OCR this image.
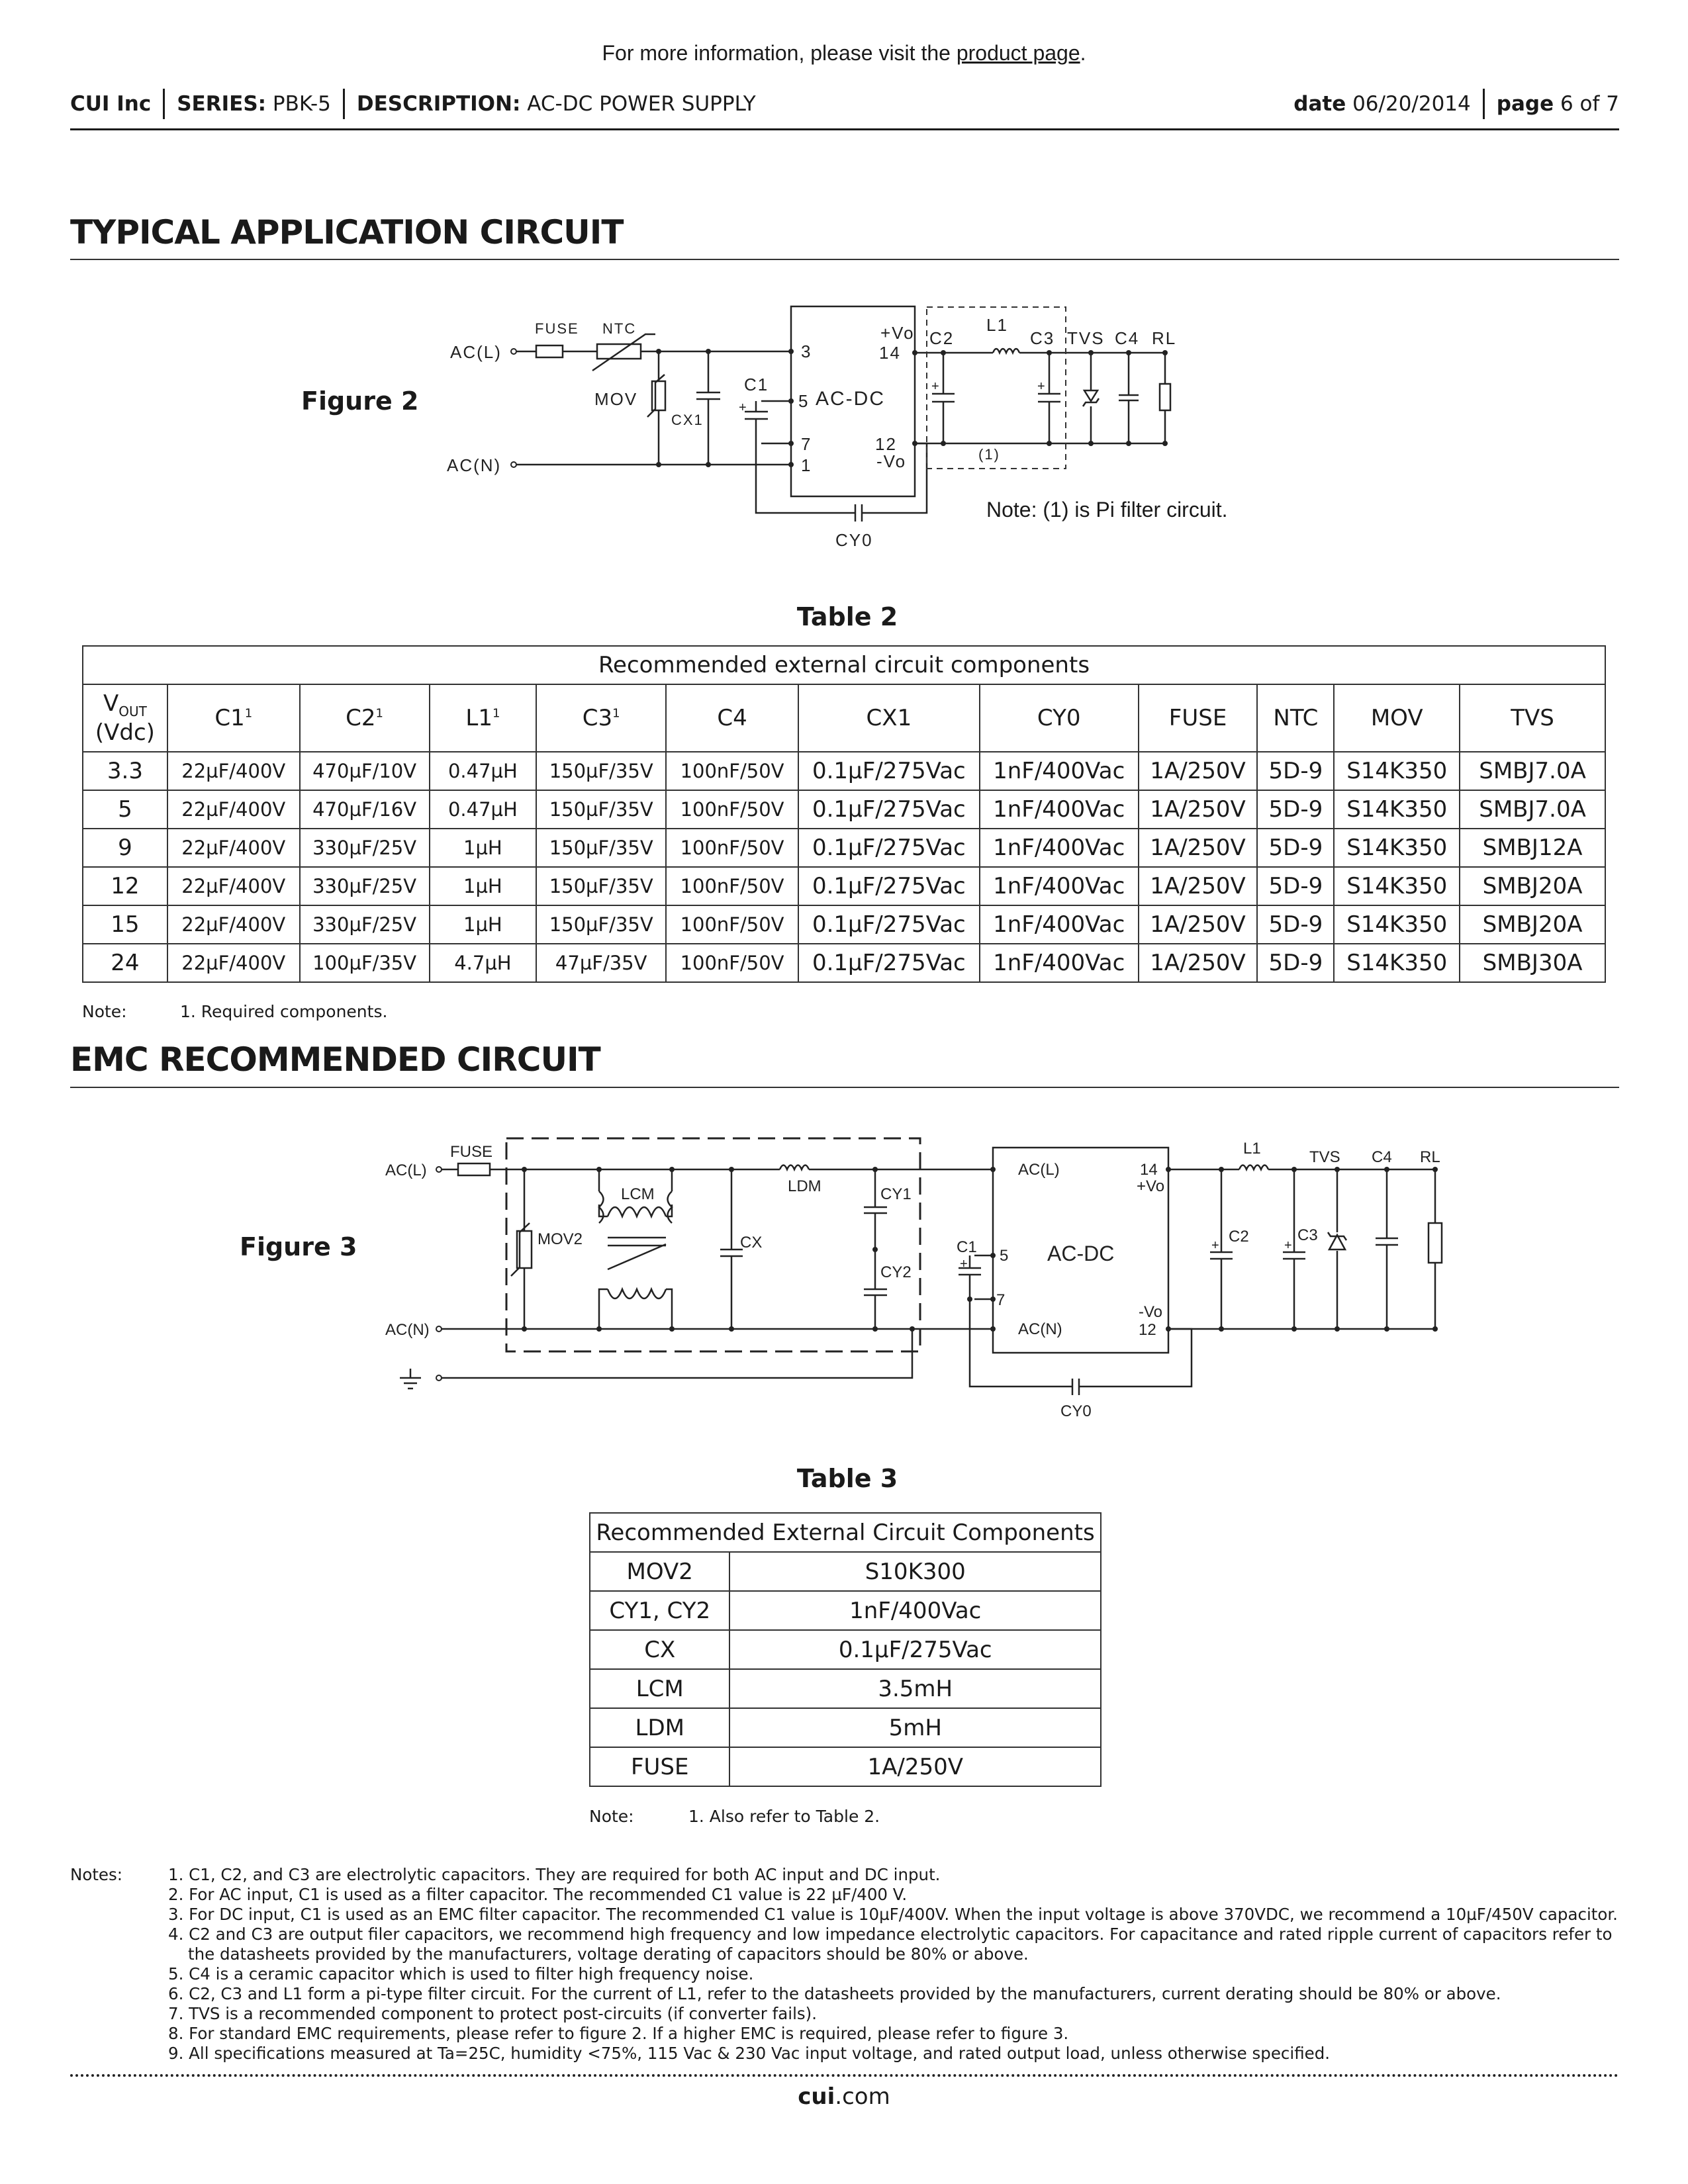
For more information, please visit the product page.
CUI Inc SERIES:
PBK-5 DESCRIPTION:
AC-DC POWER SUPPLY	date
06/20/2014 page
6 of 7
TYPICAL APPLICATION CIRCUIT
Figure 2
AC(L)
AC(N)
FUSE NTC
MOV
CX1
C1
+
3
5 AC-DC
7
1
+Vo
14
12
-Vo
C2
+
L1
C3
+
TVS C4 RL
(1)
CY0
Note: (1) is Pi filter circuit.
Table 2
Recommended external circuit components											
$V_{OUT}$
(Vdc)	$C1^1$	$C2^1$	$L1^1$	$C3^1$	C4	CX1	CY0	FUSE	NTC	MOV	TVS
3.3	22µF/400V	470µF/10V	0.47µH	150µF/35V	100nF/50V	0.1µF/275Vac	1nF/400Vac	1A/250V	5D-9	S14K350	SMBJ7.0A
5	22µF/400V	470µF/16V	0.47µH	150µF/35V	100nF/50V	0.1µF/275Vac	1nF/400Vac	1A/250V	5D-9	S14K350	SMBJ7.0A
9	22µF/400V	330µF/25V	1µH	150µF/35V	100nF/50V	0.1µF/275Vac	1nF/400Vac	1A/250V	5D-9	S14K350	SMBJ12A
12	22µF/400V	330µF/25V	1µH	150µF/35V	100nF/50V	0.1µF/275Vac	1nF/400Vac	1A/250V	5D-9	S14K350	SMBJ20A
15	22µF/400V	330µF/25V	1µH	150µF/35V	100nF/50V	0.1µF/275Vac	1nF/400Vac	1A/250V	5D-9	S14K350	SMBJ20A
24	22µF/400V	100µF/35V	4.7µH	47µF/35V	100nF/50V	0.1µF/275Vac	1nF/400Vac	1A/250V	5D-9	S14K350	SMBJ30A
Note:	1. Required components.
EMC RECOMMENDED CIRCUIT
Figure 3
AC(L)
AC(N)
FUSE
MOV2
LCM
CX
LDM	CY1
CY2
C1
+ 5
7
AC(L)
AC(N)
AC-DC
14
+Vo
-Vo
12
L1	TVS C4 RL
C2
+
C3
+
CY0
Table 3
Recommended External Circuit Components	
MOV2	S10K300
CY1, CY2	1nF/400Vac
CX	0.1µF/275Vac
LCM	3.5mH
LDM	5mH
FUSE	1A/250V
Note:	1. Also refer to Table 2.
Notes:	1. C1, C2, and C3 are electrolytic capacitors. They are required for both AC input and DC input.
2. For AC input, C1 is used as a filter capacitor. The recommended C1 value is 22 µF/400 V.
3. For DC input, C1 is used as an EMC filter capacitor. The recommended C1 value is 10µF/400V. When the input voltage is above 370VDC, we recommend a 10µF/450V capacitor.
4. C2 and C3 are output filer capacitors, we recommend high frequency and low impedance electrolytic capacitors. For capacitance and rated ripple current of capacitors refer to the datasheets provided by the manufacturers, voltage derating of capacitors should be 80% or above.
5. C4 is a ceramic capacitor which is used to filter high frequency noise.
6. C2, C3 and L1 form a pi-type filter circuit. For the current of L1, refer to the datasheets provided by the manufacturers, current derating should be 80% or above.
7. TVS is a recommended component to protect post-circuits (if converter fails).
8. For standard EMC requirements, please refer to figure 2. If a higher EMC is required, please refer to figure 3.
9. All specifications measured at Ta=25C, humidity <75%, 115 Vac & 230 Vac input voltage, and rated output load, unless otherwise specified.
cui.com
